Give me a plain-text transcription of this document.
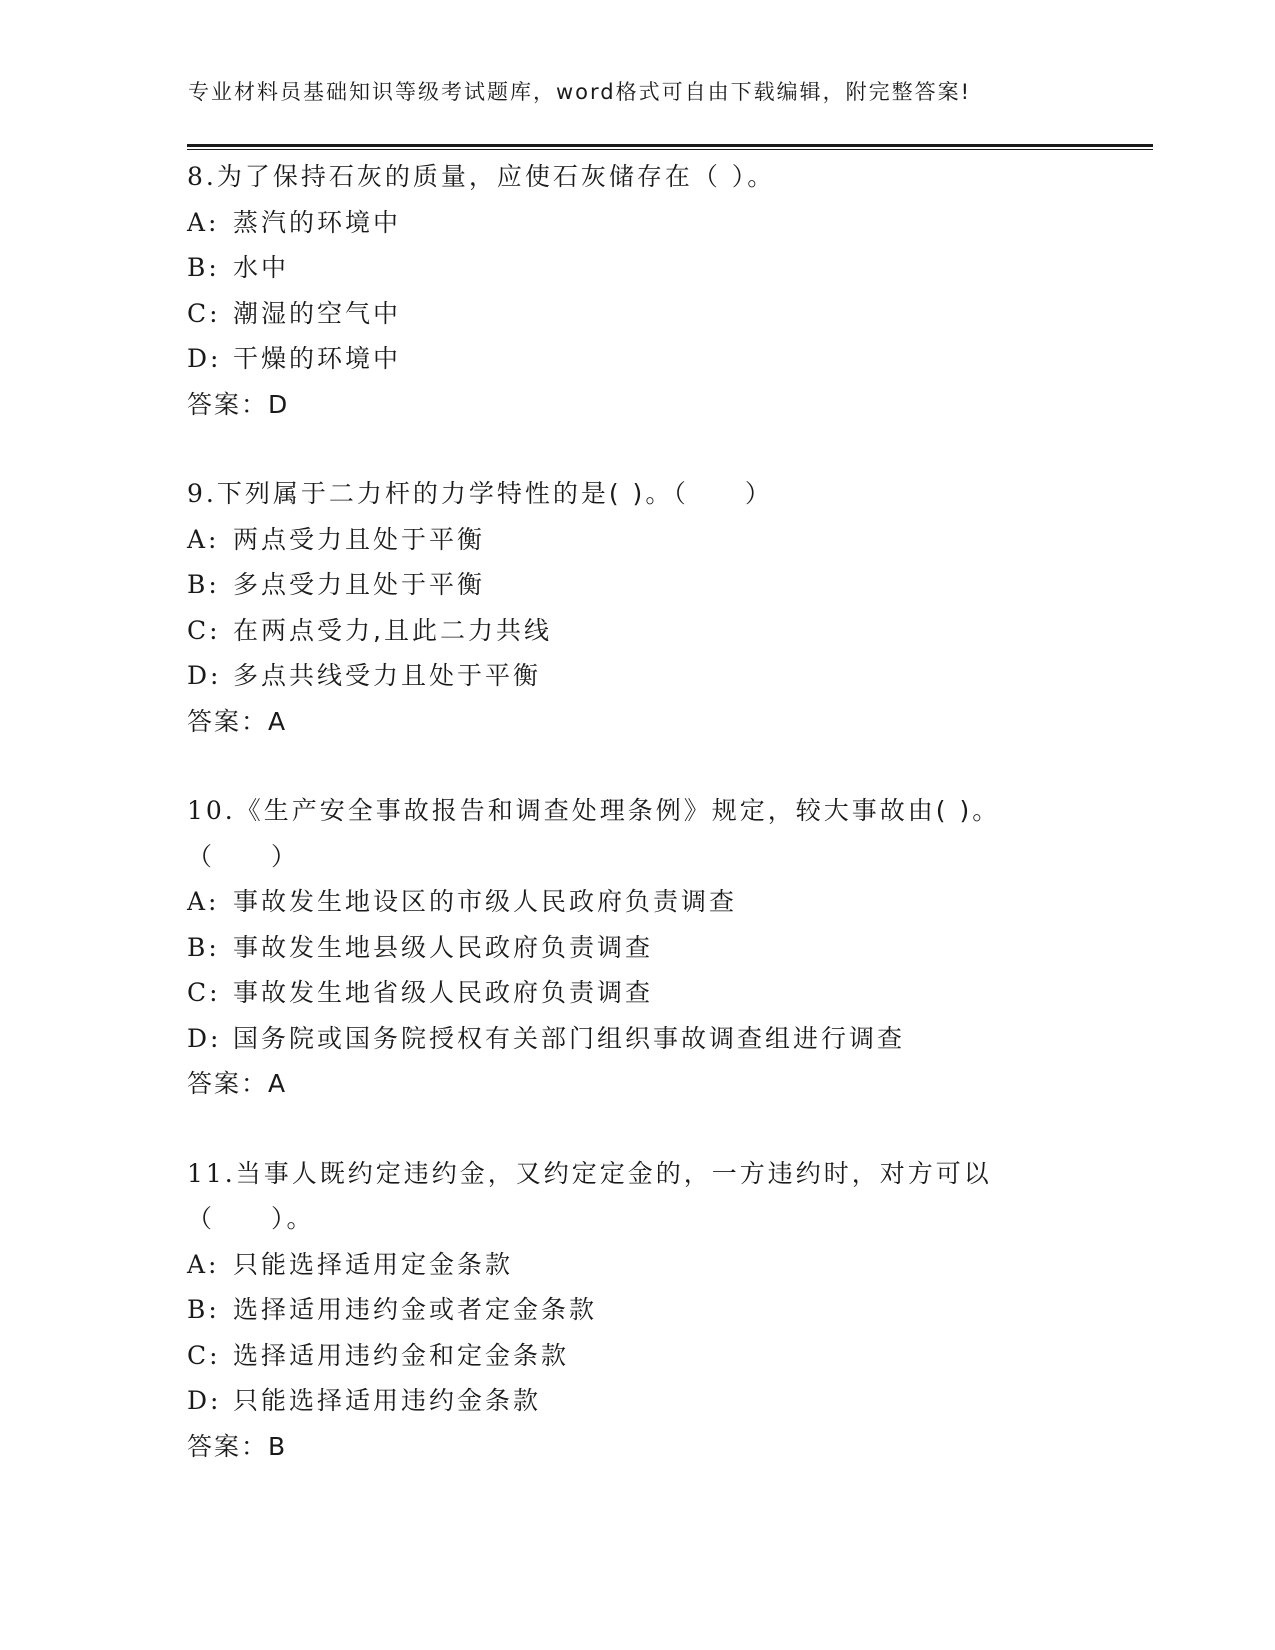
专业材料员基础知识等级考试题库，word格式可自由下载编辑，附完整答案!
8.为了保持石灰的质量，应使石灰储存在（ ）。
A: 蒸汽的环境中
B: 水中
C: 潮湿的空气中
D: 干燥的环境中
答案：D
9.下列属于二力杆的力学特性的是( )。（　　）
A: 两点受力且处于平衡
B: 多点受力且处于平衡
C: 在两点受力,且此二力共线
D: 多点共线受力且处于平衡
答案：A
10.《生产安全事故报告和调查处理条例》规定，较大事故由( )。（　　）
A: 事故发生地设区的市级人民政府负责调查
B: 事故发生地县级人民政府负责调查
C: 事故发生地省级人民政府负责调查
D: 国务院或国务院授权有关部门组织事故调查组进行调查
答案：A
11.当事人既约定违约金，又约定定金的，一方违约时，对方可以（　　）。
A: 只能选择适用定金条款
B: 选择适用违约金或者定金条款
C: 选择适用违约金和定金条款
D: 只能选择适用违约金条款
答案：B
